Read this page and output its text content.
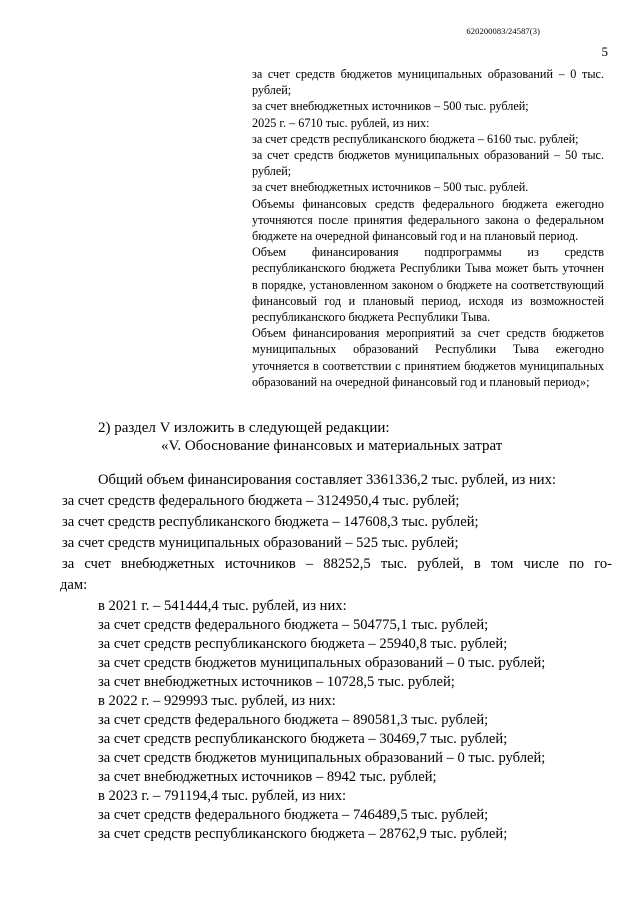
620200083/24587(3)
5

за счет средств бюджетов муниципальных образований – 0 тыс. рублей;

за счет внебюджетных источников – 500 тыс. рублей;

2025 г. – 6710 тыс. рублей, из них:

за счет средств республиканского бюджета – 6160 тыс. рублей;

за счет средств бюджетов муниципальных образований – 50 тыс. рублей;

за счет внебюджетных источников – 500 тыс. рублей.

Объемы финансовых средств федерального бюджета ежегодно уточняются после принятия федерального закона о федеральном бюджете на очередной финансовый год и на плановый период.

Объем финансирования подпрограммы из средств республиканского бюджета Республики Тыва может быть уточнен в порядке, установленном законом о бюджете на соответствующий финансовый год и плановый период, исходя из возможностей республиканского бюджета Республики Тыва.

Объем финансирования мероприятий за счет средств бюджетов муниципальных образований Республики Тыва ежегодно уточняется в соответствии с принятием бюджетов муниципальных образований на очередной финансовый год и плановый период»;

2) раздел V изложить в следующей редакции:
«V. Обоснование финансовых и материальных затрат
Общий объем финансирования составляет 3361336,2 тыс. рублей, из них:
за счет средств федерального бюджета – 3124950,4 тыс. рублей;
за счет средств республиканского бюджета – 147608,3 тыс. рублей;
за счет средств муниципальных образований – 525 тыс. рублей;
за счет внебюджетных источников – 88252,5 тыс. рублей, в том числе по го-
дам:
в 2021 г. – 541444,4 тыс. рублей, из них:
за счет средств федерального бюджета – 504775,1 тыс. рублей;
за счет средств республиканского бюджета – 25940,8 тыс. рублей;
за счет средств бюджетов муниципальных образований – 0 тыс. рублей;
за счет внебюджетных источников – 10728,5 тыс. рублей;
в 2022 г. – 929993 тыс. рублей, из них:
за счет средств федерального бюджета – 890581,3 тыс. рублей;
за счет средств республиканского бюджета – 30469,7 тыс. рублей;
за счет средств бюджетов муниципальных образований – 0 тыс. рублей;
за счет внебюджетных источников – 8942 тыс. рублей;
в 2023 г. – 791194,4 тыс. рублей, из них:
за счет средств федерального бюджета – 746489,5 тыс. рублей;
за счет средств республиканского бюджета – 28762,9 тыс. рублей;
